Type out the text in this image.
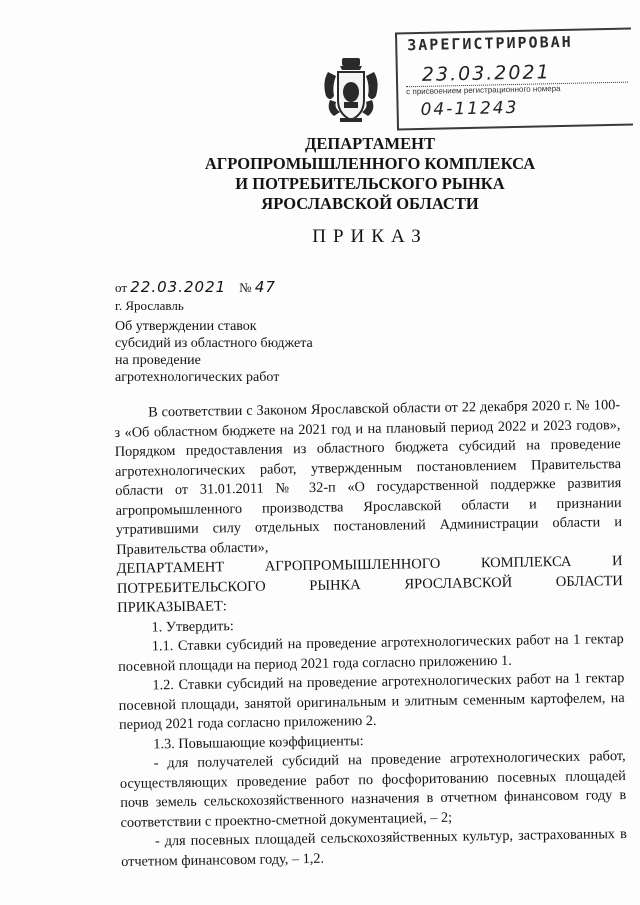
ЗАРЕГИСТРИРОВАН
23.03.2021
с присвоением регистрационного номера
04-11243
ДЕПАРТАМЕНТ
АГРОПРОМЫШЛЕННОГО КОМПЛЕКСА
И ПОТРЕБИТЕЛЬСКОГО РЫНКА
ЯРОСЛАВСКОЙ ОБЛАСТИ
ПРИКАЗ
от 22.03.2021 № 47
г. Ярославль
Об утверждении ставок субсидий из областного бюджета на проведение агротехнологических работ

В соответствии с Законом Ярославской области от 22 декабря 2020 г. № 100-з «Об областном бюджете на 2021 год и на плановый период 2022 и 2023 годов», Порядком предоставления из областного бюджета субсидий на проведение агротехнологических работ, утвержденным постановлением Правительства области от 31.01.2011 № 32-п «О государственной поддержке развития агропромышленного производства Ярославской области и признании утратившими силу отдельных постановлений Администрации области и Правительства области»,

ДЕПАРТАМЕНТ АГРОПРОМЫШЛЕННОГО КОМПЛЕКСА И

ПОТРЕБИТЕЛЬСКОГО РЫНКА ЯРОСЛАВСКОЙ ОБЛАСТИ

ПРИКАЗЫВАЕТ:

1. Утвердить:

1.1. Ставки субсидий на проведение агротехнологических работ на 1 гектар посевной площади на период 2021 года согласно приложению 1.

1.2. Ставки субсидий на проведение агротехнологических работ на 1 гектар посевной площади, занятой оригинальным и элитным семенным картофелем, на период 2021 года согласно приложению 2.

1.3. Повышающие коэффициенты:

- для получателей субсидий на проведение агротехнологических работ, осуществляющих проведение работ по фосфоритованию посевных площадей почв земель сельскохозяйственного назначения в отчетном финансовом году в соответствии с проектно-сметной документацией, – 2;

- для посевных площадей сельскохозяйственных культур, застрахованных в отчетном финансовом году, – 1,2.
